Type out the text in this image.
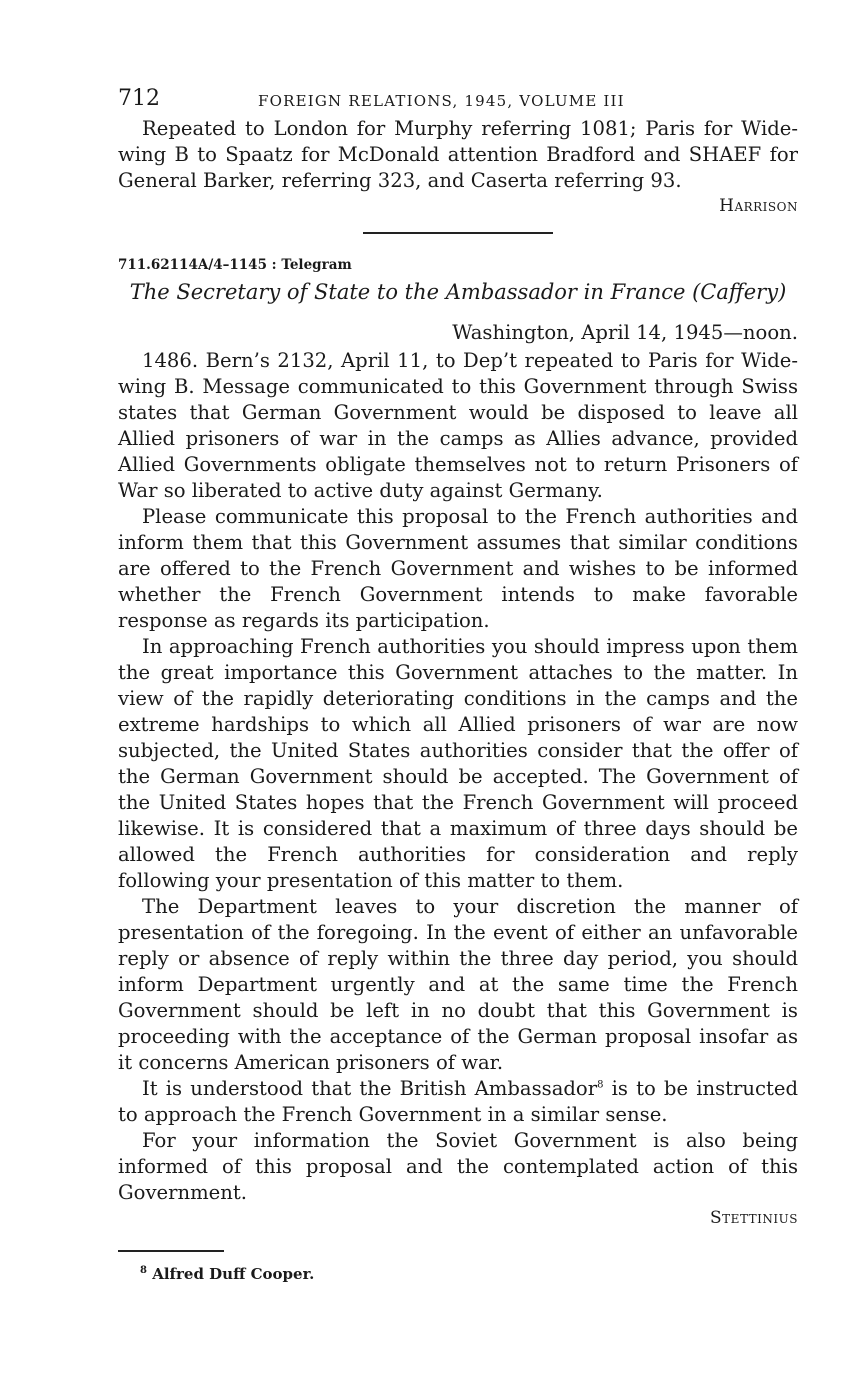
712	FOREIGN RELATIONS, 1945, VOLUME III

Repeated to London for Murphy referring 1081; Paris for Wide-wing B to Spaatz for McDonald attention Bradford and SHAEF for General Barker, referring 323, and Caserta referring 93.

Harrison
711.62114A/4–1145 : Telegram
The Secretary of State to the Ambassador in France (Caffery)
Washington, April 14, 1945—noon.

1486. Bern’s 2132, April 11, to Dep’t repeated to Paris for Wide-wing B. Message communicated to this Government through Swiss states that German Government would be disposed to leave all Allied prisoners of war in the camps as Allies advance, provided Allied Governments obligate themselves not to return Prisoners of War so liberated to active duty against Germany.

Please communicate this proposal to the French authorities and inform them that this Government assumes that similar conditions are offered to the French Government and wishes to be informed whether the French Government intends to make favorable response as regards its participation.

In approaching French authorities you should impress upon them the great importance this Government attaches to the matter. In view of the rapidly deteriorating conditions in the camps and the extreme hardships to which all Allied prisoners of war are now subjected, the United States authorities consider that the offer of the German Government should be accepted. The Government of the United States hopes that the French Government will proceed likewise. It is considered that a maximum of three days should be allowed the French authorities for consideration and reply following your presentation of this matter to them.

The Department leaves to your discretion the manner of presentation of the foregoing. In the event of either an unfavorable reply or absence of reply within the three day period, you should inform Department urgently and at the same time the French Government should be left in no doubt that this Government is proceeding with the acceptance of the German proposal insofar as it concerns American prisoners of war.

It is understood that the British Ambassador$^8$ is to be instructed to approach the French Government in a similar sense.

For your information the Soviet Government is also being informed of this proposal and the contemplated action of this Government.

Stettinius
$^8$ Alfred Duff Cooper.
